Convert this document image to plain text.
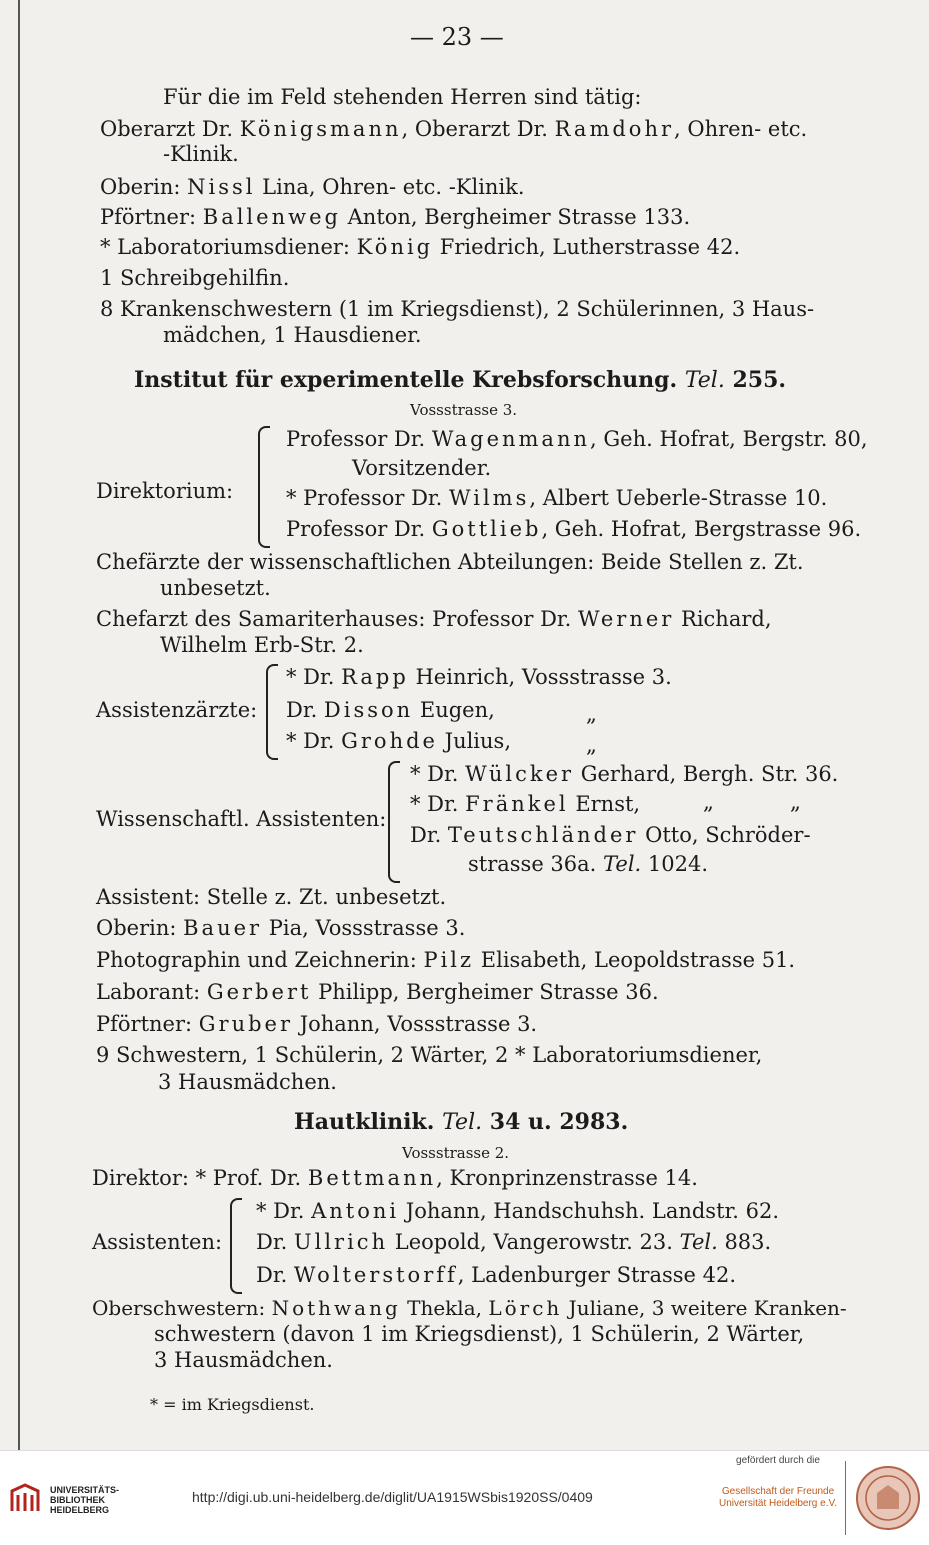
— 23 —
Für die im Feld stehenden Herren sind tätig:
Oberarzt Dr. Königsmann, Oberarzt Dr. Ramdohr, Ohren- etc.
-Klinik.
Oberin: Nissl Lina, Ohren- etc. -Klinik.
Pförtner: Ballenweg Anton, Bergheimer Strasse 133.
* Laboratoriumsdiener: König Friedrich, Lutherstrasse 42.
1 Schreibgehilfin.
8 Krankenschwestern (1 im Kriegsdienst), 2 Schülerinnen, 3 Haus-
mädchen, 1 Hausdiener.
Institut für experimentelle Krebsforschung. Tel. 255.
Vossstrasse 3.
Professor Dr. Wagenmann, Geh. Hofrat, Bergstr. 80,
Vorsitzender.
Direktorium:	* Professor Dr. Wilms, Albert Ueberle-Strasse 10.
Professor Dr. Gottlieb, Geh. Hofrat, Bergstrasse 96.
Chefärzte der wissenschaftlichen Abteilungen: Beide Stellen z. Zt.
unbesetzt.
Chefarzt des Samariterhauses: Professor Dr. Werner Richard,
Wilhelm Erb-Str. 2.
* Dr. Rapp Heinrich, Vossstrasse 3.
Assistenzärzte: Dr. Disson Eugen,	„
* Dr. Grohde Julius,	„
* Dr. Wülcker Gerhard, Bergh. Str. 36.
* Dr. Fränkel Ernst,	„	„
Wissenschaftl. Assistenten:
Dr. Teutschländer Otto, Schröder-
strasse 36a. Tel. 1024.
Assistent: Stelle z. Zt. unbesetzt.
Oberin: Bauer Pia, Vossstrasse 3.
Photographin und Zeichnerin: Pilz Elisabeth, Leopoldstrasse 51.
Laborant: Gerbert Philipp, Bergheimer Strasse 36.
Pförtner: Gruber Johann, Vossstrasse 3.
9 Schwestern, 1 Schülerin, 2 Wärter, 2 * Laboratoriumsdiener,
3 Hausmädchen.
Hautklinik. Tel. 34 u. 2983.
Vossstrasse 2.
Direktor: * Prof. Dr. Bettmann, Kronprinzenstrasse 14.
* Dr. Antoni Johann, Handschuhsh. Landstr. 62.
Assistenten: Dr. Ullrich Leopold, Vangerowstr. 23. Tel. 883.
Dr. Wolterstorff, Ladenburger Strasse 42.
Oberschwestern: Nothwang Thekla, Lörch Juliane, 3 weitere Kranken-
schwestern (davon 1 im Kriegsdienst), 1 Schülerin, 2 Wärter,
3 Hausmädchen.
* = im Kriegsdienst.
UNIVERSITÄTS-
BIBLIOTHEK
HEIDELBERG
http://digi.ub.uni-heidelberg.de/diglit/UA1915WSbis1920SS/0409
gefördert durch die
Gesellschaft der Freunde
Universität Heidelberg e.V.
